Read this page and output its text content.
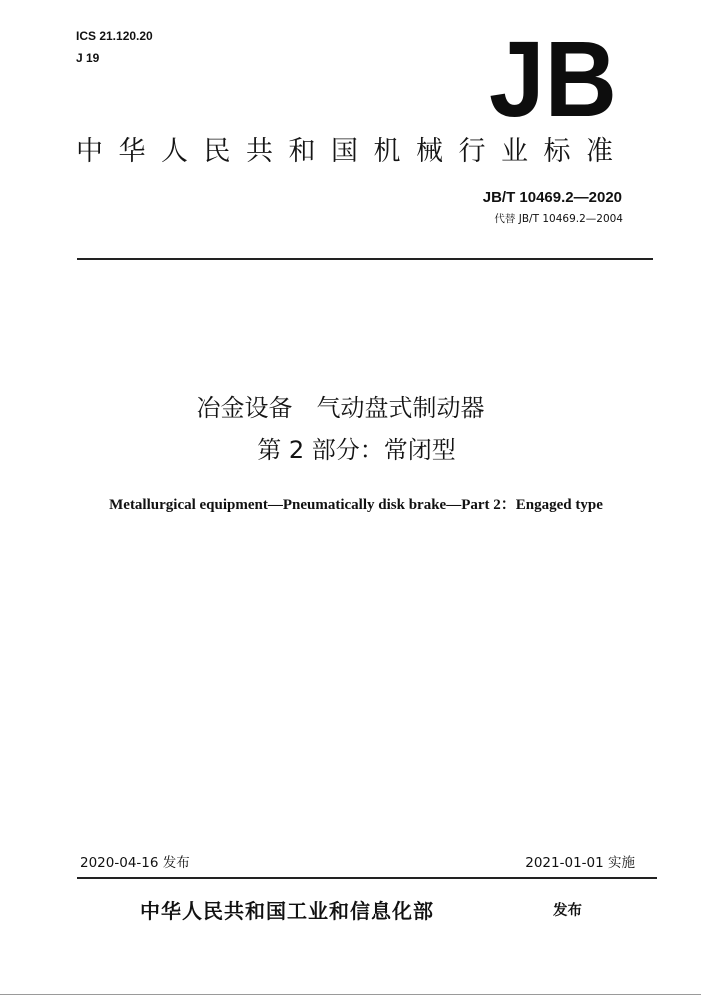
ICS 21.120.20
J 19	JB
中华人民共和国机械行业标准
JB/T 10469.2—2020
代替 JB/T 10469.2—2004
冶金设备　气动盘式制动器
第 2 部分：常闭型
Metallurgical equipment—Pneumatically disk brake—Part 2：Engaged type
2020-04-16 发布	2021-01-01 实施
中华人民共和国工业和信息化部	发布
